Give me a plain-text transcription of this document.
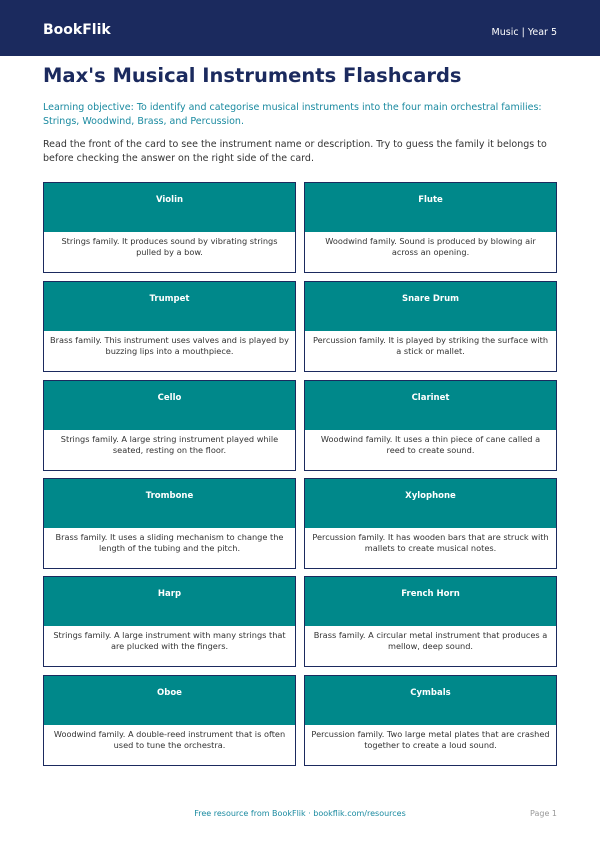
BookFlik	Music | Year 5
Max's Musical Instruments Flashcards

Learning objective: To identify and categorise musical instruments into the four main orchestral families: Strings, Woodwind, Brass, and Percussion.

Read the front of the card to see the instrument name or description. Try to guess the family it belongs to before checking the answer on the right side of the card.

Violin
Strings family. It produces sound by vibrating strings pulled by a bow.
Flute
Woodwind family. Sound is produced by blowing air across an opening.
Trumpet
Brass family. This instrument uses valves and is played by buzzing lips into a mouthpiece.
Snare Drum
Percussion family. It is played by striking the surface with a stick or mallet.
Cello
Strings family. A large string instrument played while seated, resting on the floor.
Clarinet
Woodwind family. It uses a thin piece of cane called a reed to create sound.
Trombone
Brass family. It uses a sliding mechanism to change the length of the tubing and the pitch.
Xylophone
Percussion family. It has wooden bars that are struck with mallets to create musical notes.
Harp
Strings family. A large instrument with many strings that are plucked with the fingers.
French Horn
Brass family. A circular metal instrument that produces a mellow, deep sound.
Oboe
Woodwind family. A double-reed instrument that is often used to tune the orchestra.
Cymbals
Percussion family. Two large metal plates that are crashed together to create a loud sound.
Free resource from BookFlik · bookflik.com/resources	Page 1
